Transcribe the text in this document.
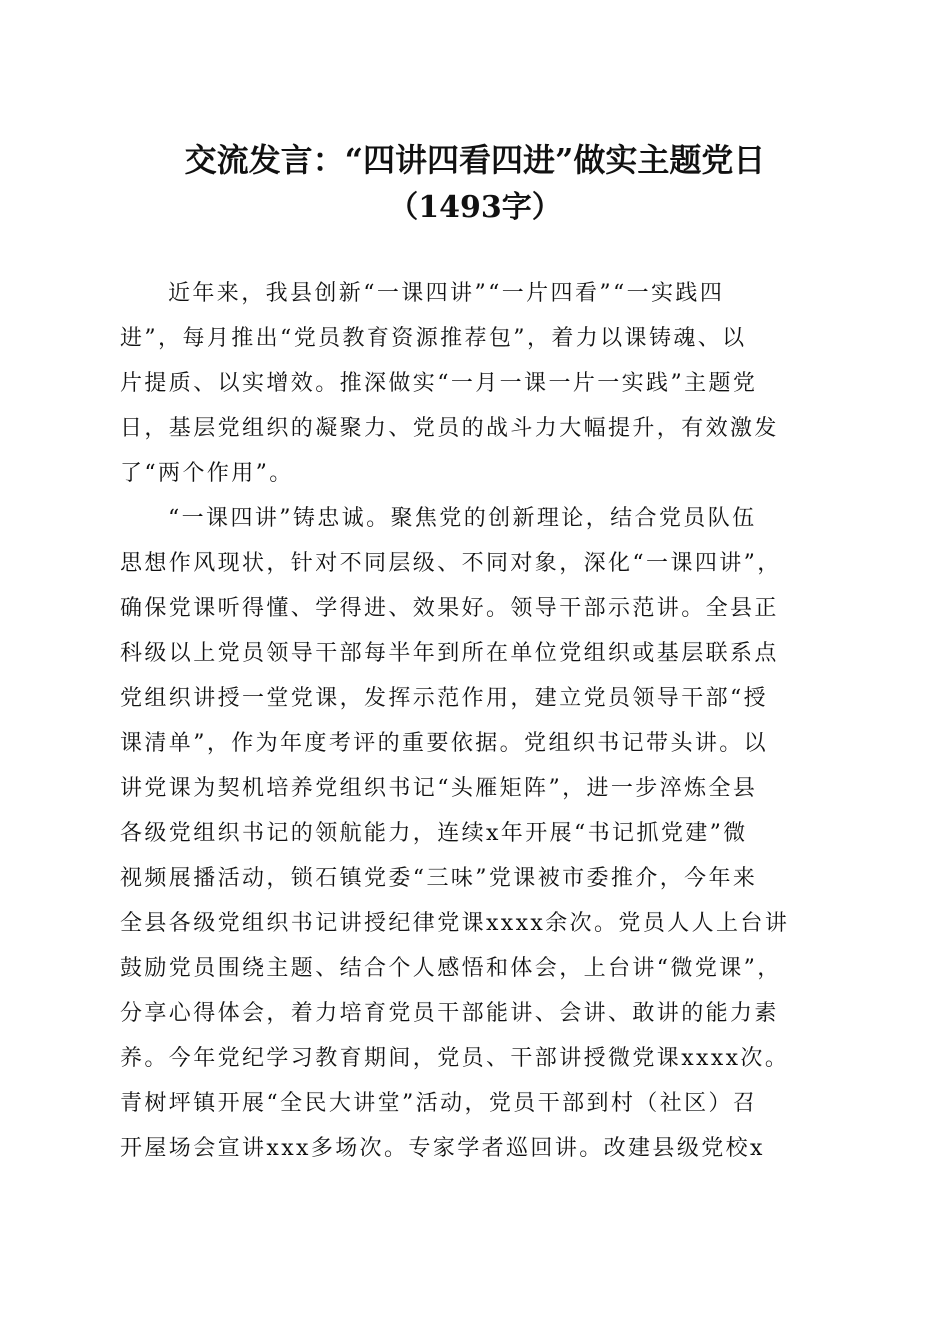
交流发言：“四讲四看四进”做实主题党日
（1493字）
近年来，我县创新“一课四讲”“一片四看”“一实践四
进”，每月推出“党员教育资源推荐包”，着力以课铸魂、以
片提质、以实增效。推深做实“一月一课一片一实践”主题党
日，基层党组织的凝聚力、党员的战斗力大幅提升，有效激发
了“两个作用”。
“一课四讲”铸忠诚。聚焦党的创新理论，结合党员队伍
思想作风现状，针对不同层级、不同对象，深化“一课四讲”，
确保党课听得懂、学得进、效果好。领导干部示范讲。全县正
科级以上党员领导干部每半年到所在单位党组织或基层联系点
党组织讲授一堂党课，发挥示范作用，建立党员领导干部“授
课清单”，作为年度考评的重要依据。党组织书记带头讲。以
讲党课为契机培养党组织书记“头雁矩阵”，进一步淬炼全县
各级党组织书记的领航能力，连续x年开展“书记抓党建”微
视频展播活动，锁石镇党委“三味”党课被市委推介，今年来
全县各级党组织书记讲授纪律党课xxxx余次。党员人人上台讲
鼓励党员围绕主题、结合个人感悟和体会，上台讲“微党课”，
分享心得体会，着力培育党员干部能讲、会讲、敢讲的能力素
养。今年党纪学习教育期间，党员、干部讲授微党课xxxx次。
青树坪镇开展“全民大讲堂”活动，党员干部到村（社区）召
开屋场会宣讲xxx多场次。专家学者巡回讲。改建县级党校x
